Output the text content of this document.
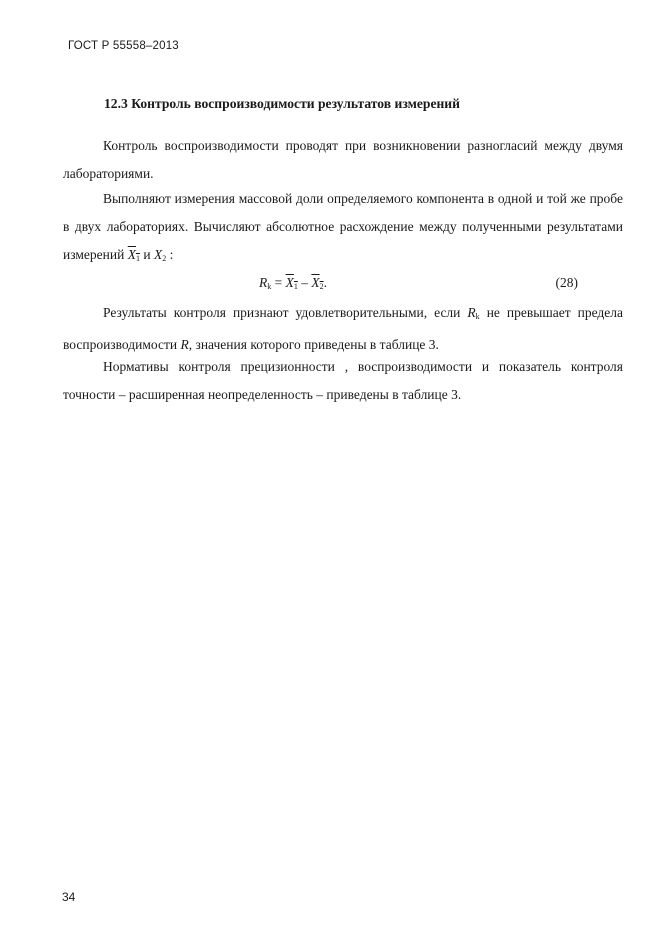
ГОСТ Р 55558–2013
12.3 Контроль воспроизводимости результатов измерений

Контроль воспроизводимости проводят при возникновении разногласий между двумя лабораториями.

Выполняют измерения массовой доли определяемого компонента в одной и той же пробе в двух лабораториях. Вычисляют абсолютное расхождение между полученными результатами измерений $X_1$ и $X_2$ :

$R_k = X_1 - X_2$.	(28)

Результаты контроля признают удовлетворительными, если $R_k$ не превышает предела воспроизводимости R, значения которого приведены в таблице 3.

Нормативы контроля прецизионности , воспроизводимости и показатель контроля точности – расширенная неопределенность – приведены в таблице 3.

34
